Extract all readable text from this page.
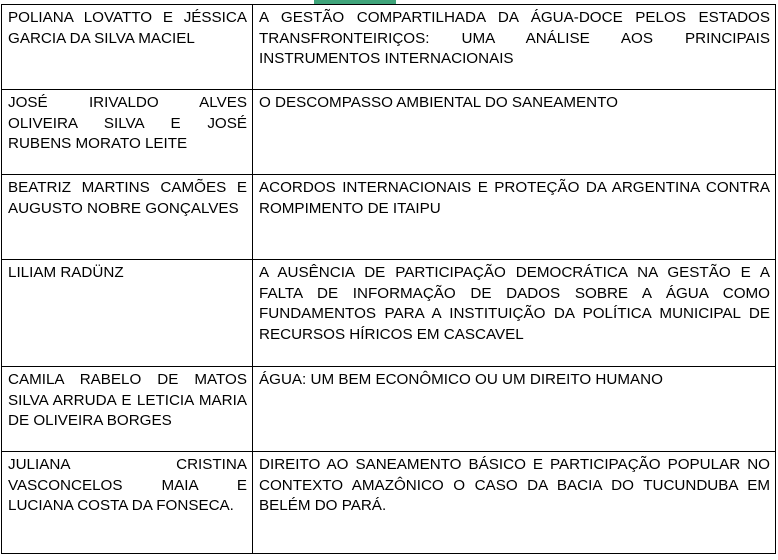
POLIANA LOVATTO E JÉSSICA GARCIA DA SILVA MACIEL	A GESTÃO COMPARTILHADA DA ÁGUA-DOCE PELOS ESTADOS TRANSFRONTEIRIÇOS: UMA ANÁLISE AOS PRINCIPAIS INSTRUMENTOS INTERNACIONAIS
JOSÉ IRIVALDO ALVES OLIVEIRA SILVA E JOSÉ RUBENS MORATO LEITE	O DESCOMPASSO AMBIENTAL DO SANEAMENTO
BEATRIZ MARTINS CAMÕES E AUGUSTO NOBRE GONÇALVES	ACORDOS INTERNACIONAIS E PROTEÇÃO DA ARGENTINA CONTRA ROMPIMENTO DE ITAIPU
LILIAM RADÜNZ	A AUSÊNCIA DE PARTICIPAÇÃO DEMOCRÁTICA NA GESTÃO E A FALTA DE INFORMAÇÃO DE DADOS SOBRE A ÁGUA COMO FUNDAMENTOS PARA A INSTITUIÇÃO DA POLÍTICA MUNICIPAL DE RECURSOS HÍRICOS EM CASCAVEL
CAMILA RABELO DE MATOS SILVA ARRUDA E LETICIA MARIA DE OLIVEIRA BORGES	ÁGUA: UM BEM ECONÔMICO OU UM DIREITO HUMANO
JULIANA CRISTINA VASCONCELOS MAIA E LUCIANA COSTA DA FONSECA.	DIREITO AO SANEAMENTO BÁSICO E PARTICIPAÇÃO POPULAR NO CONTEXTO AMAZÔNICO O CASO DA BACIA DO TUCUNDUBA EM BELÉM DO PARÁ.
